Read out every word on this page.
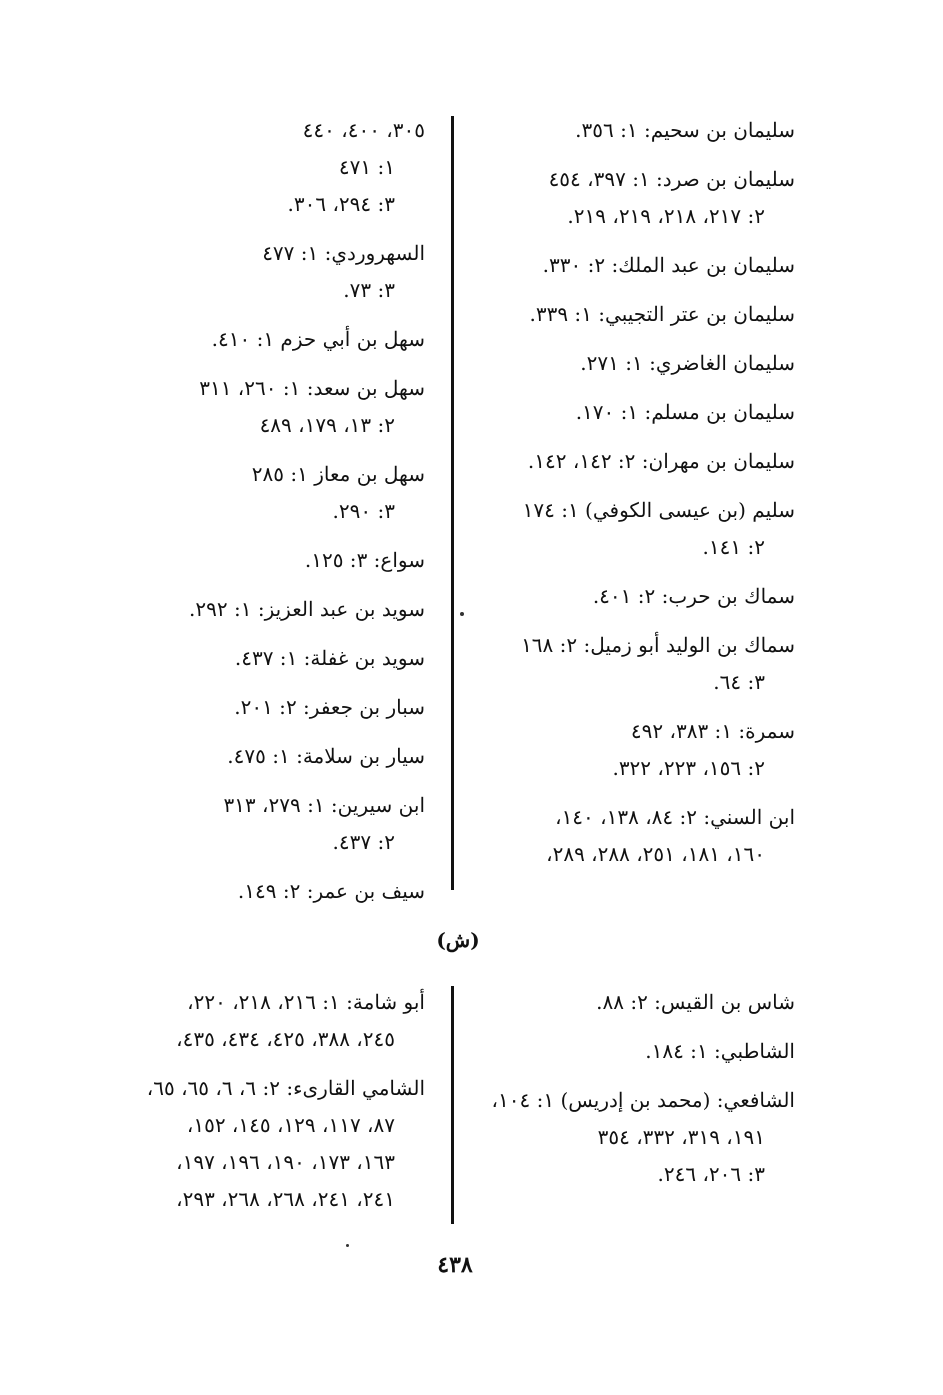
سليمان بن سحيم: ١: ٣٥٦.
سليمان بن صرد: ١: ٣٩٧، ٤٥٤
٢: ٢١٧، ٢١٨، ٢١٩، ٢١٩.
سليمان بن عبد الملك: ٢: ٣٣٠.
سليمان بن عتر التجيبي: ١: ٣٣٩.
سليمان الغاضري: ١: ٢٧١.
سليمان بن مسلم: ١: ١٧٠.
سليمان بن مهران: ٢: ١٤٢، ١٤٢.
سليم (بن عيسى الكوفي) ١: ١٧٤
٢: ١٤١.
سماك بن حرب: ٢: ٤٠١.
سماك بن الوليد أبو زميل: ٢: ١٦٨
٣: ٦٤.
سمرة: ١: ٣٨٣، ٤٩٢
٢: ١٥٦، ٢٢٣، ٣٢٢.
ابن السني: ٢: ٨٤، ١٣٨، ١٤٠،
١٦٠، ١٨١، ٢٥١، ٢٨٨، ٢٨٩،
٣٠٥، ٤٠٠، ٤٤٠
١: ٤٧١
٣: ٢٩٤، ٣٠٦.
السهروردي: ١: ٤٧٧
٣: ٧٣.
سهل بن أبي حزم ١: ٤١٠.
سهل بن سعد: ١: ٢٦٠، ٣١١
٢: ١٣، ١٧٩، ٤٨٩
سهل بن معاز ١: ٢٨٥
٣: ٢٩٠.
سواع: ٣: ١٢٥.
سويد بن عبد العزيز: ١: ٢٩٢.
سويد بن غفلة: ١: ٤٣٧.
سبار بن جعفر: ٢: ٢٠١.
سيار بن سلامة: ١: ٤٧٥.
ابن سيرين: ١: ٢٧٩، ٣١٣
٢: ٤٣٧.
سيف بن عمر: ٢: ١٤٩.
(ش)
شاس بن القيس: ٢: ٨٨.
الشاطبي: ١: ١٨٤.
الشافعي: (محمد بن إدريس) ١: ١٠٤،
١٩١، ٣١٩، ٣٣٢، ٣٥٤
٣: ٢٠٦، ٢٤٦.
أبو شامة: ١: ٢١٦، ٢١٨، ٢٢٠،
٢٤٥، ٣٨٨، ٤٢٥، ٤٣٤، ٤٣٥،
الشامي القارىء: ٢: ٦، ٦، ٦٥، ٦٥،
٨٧، ١١٧، ١٢٩، ١٤٥، ١٥٢،
١٦٣، ١٧٣، ١٩٠، ١٩٦، ١٩٧،
٢٤١، ٢٤١، ٢٦٨، ٢٦٨، ٢٩٣،
٤٣٨
